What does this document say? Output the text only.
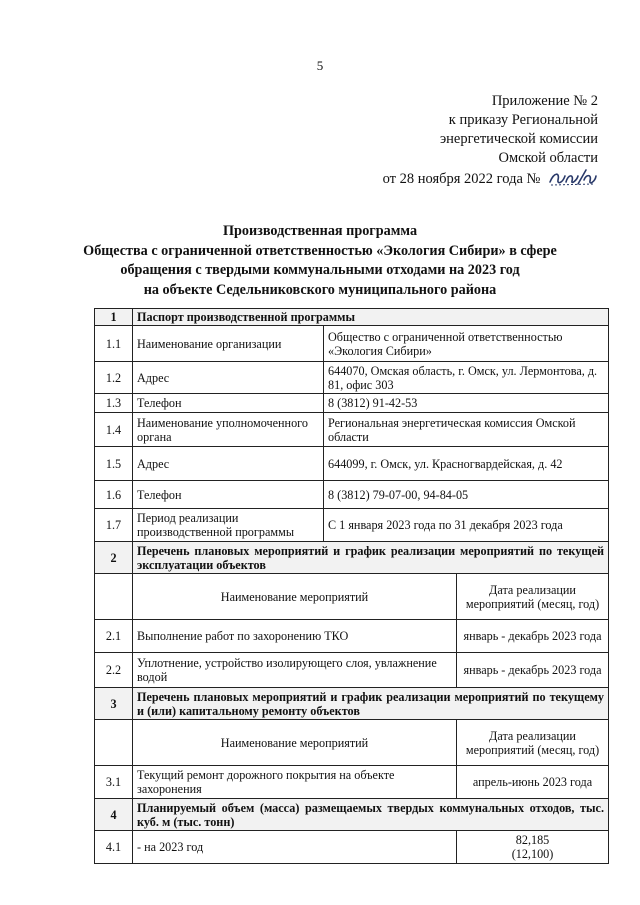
5
Приложение № 2
к приказу Региональной
энергетической комиссии
Омской области
от 28 ноября 2022 года №
Производственная программа
Общества с ограниченной ответственностью «Экология Сибири» в сфере
обращения с твердыми коммунальными отходами на 2023 год
на объекте Седельниковского муниципального района
1	Паспорт производственной программы		
1.1	Наименование организации	Общество с ограниченной ответственностью «Экология Сибири»	
1.2	Адрес	644070, Омская область, г. Омск, ул. Лермонтова, д. 81, офис 303	
1.3	Телефон	8 (3812) 91-42-53	
1.4	Наименование уполномоченного органа	Региональная энергетическая комиссия Омской области	
1.5	Адрес	644099, г. Омск, ул. Красногвардейская, д. 42	
1.6	Телефон	8 (3812) 79-07-00, 94-84-05	
1.7	Период реализации производственной программы	С 1 января 2023 года по 31 декабря 2023 года	
2	Перечень плановых мероприятий и график реализации мероприятий по текущей эксплуатации объектов		
	Наименование мероприятий		Дата реализации мероприятий (месяц, год)
2.1	Выполнение работ по захоронению ТКО		январь - декабрь 2023 года
2.2	Уплотнение, устройство изолирующего слоя, увлажнение водой		январь - декабрь 2023 года
3	Перечень плановых мероприятий и график реализации мероприятий по текущему и (или) капитальному ремонту объектов		
	Наименование мероприятий		Дата реализации мероприятий (месяц, год)
3.1	Текущий ремонт дорожного покрытия на объекте захоронения		апрель-июнь 2023 года
4	Планируемый объем (масса) размещаемых твердых коммунальных отходов, тыс. куб. м (тыс. тонн)		
4.1	- на 2023 год		82,185
(12,100)
